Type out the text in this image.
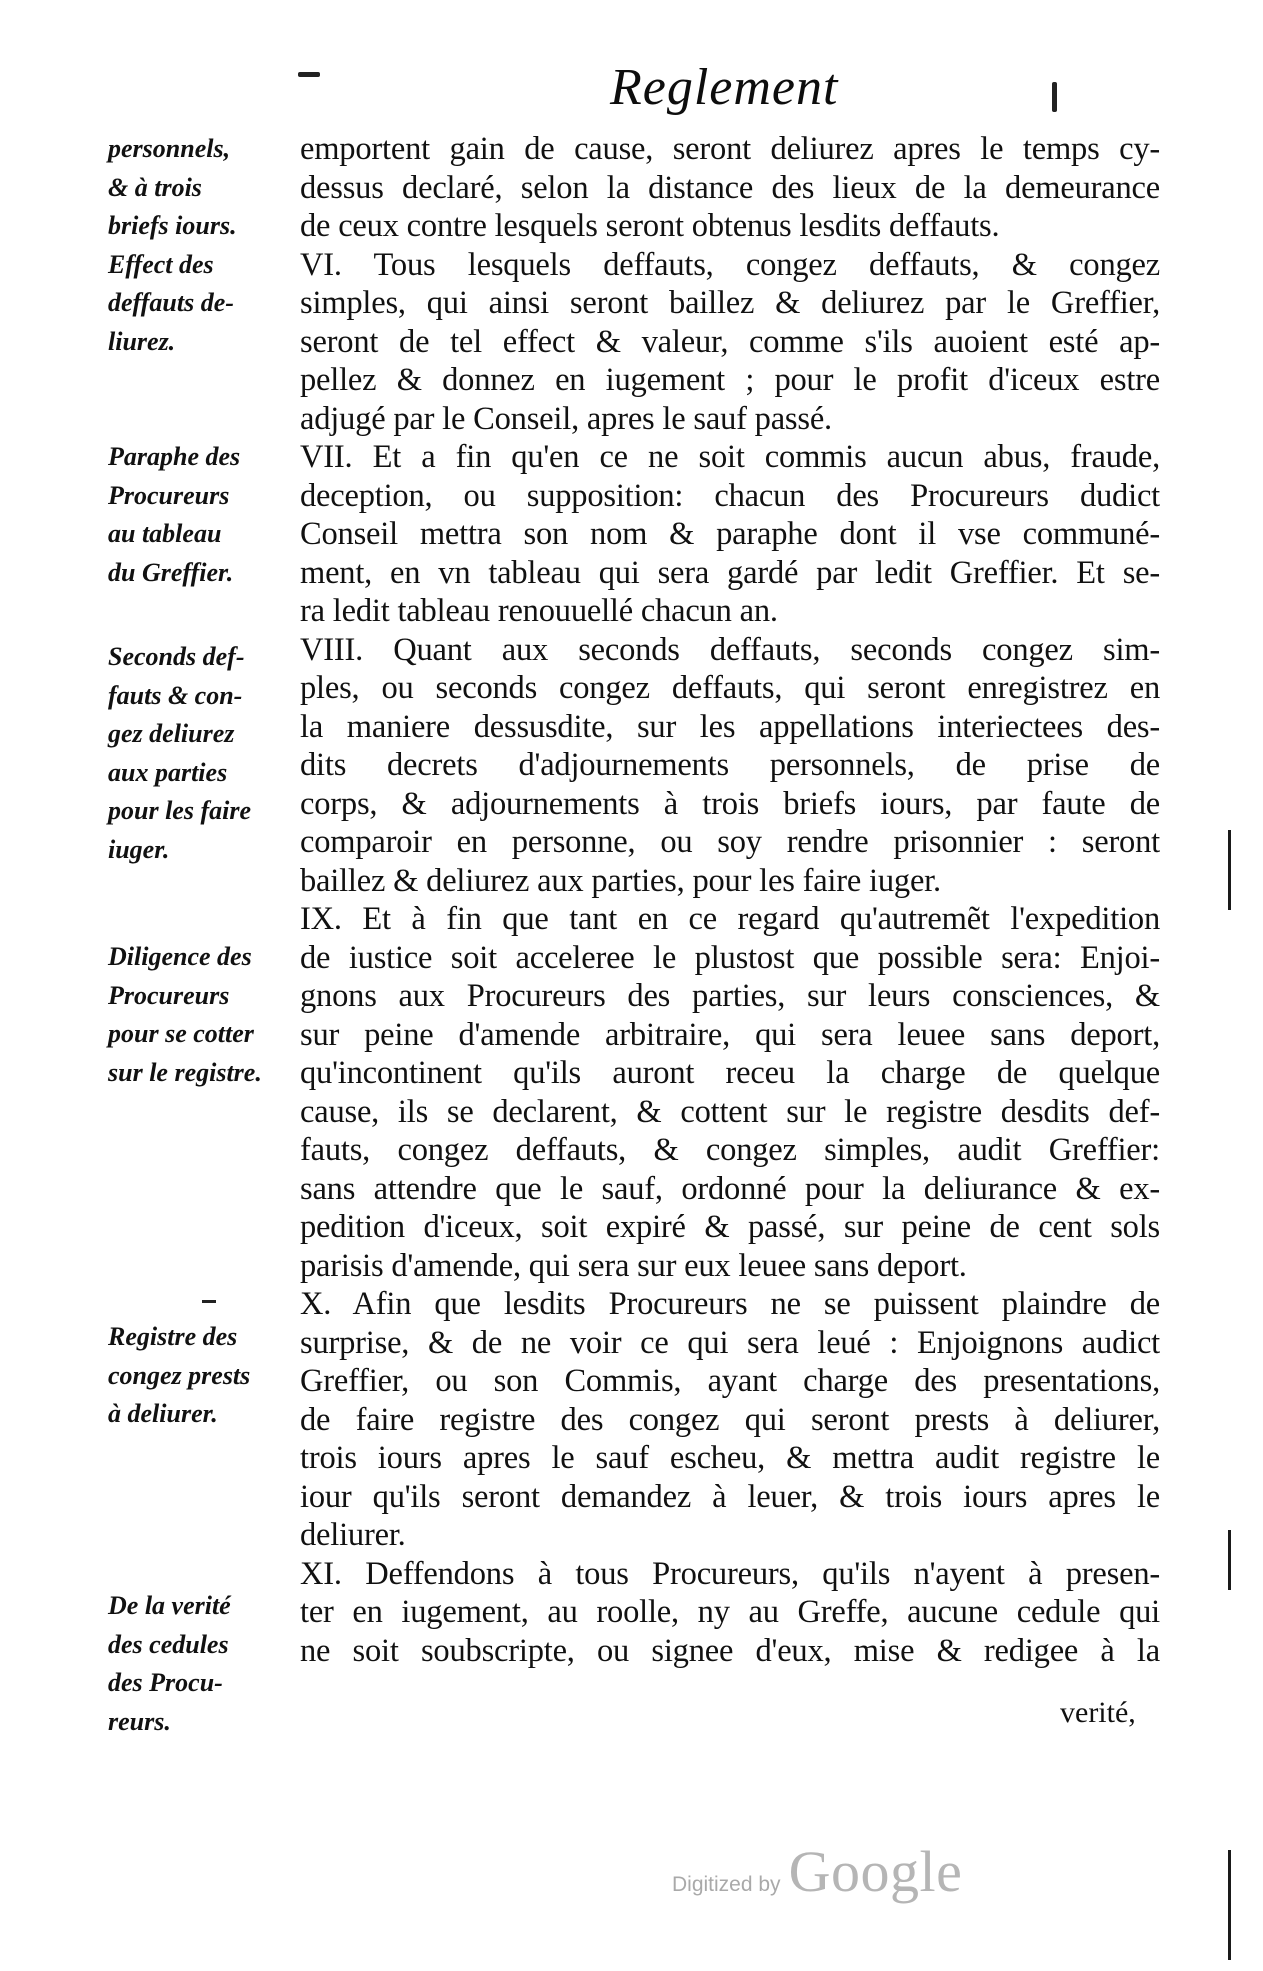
Reglement
personnels,
& à trois
briefs iours.
Effect des
deffauts de-
liurez.
Paraphe des
Procureurs
au tableau
du Greffier.
Seconds def-
fauts & con-
gez deliurez
aux parties
pour les faire
iuger.
Diligence des
Procureurs
pour se cotter
sur le registre.
Registre des
congez prests
à deliurer.
De la verité
des cedules
des Procu-
reurs.
emportent gain de cause, seront deliurez apres le temps cy-
dessus declaré, selon la distance des lieux de la demeurance
de ceux contre lesquels seront obtenus lesdits deffauts.
VI. Tous lesquels deffauts, congez deffauts, & congez
simples, qui ainsi seront baillez & deliurez par le Greffier,
seront de tel effect & valeur, comme s'ils auoient esté ap-
pellez & donnez en iugement ; pour le profit d'iceux estre
adjugé par le Conseil, apres le sauf passé.
VII. Et a fin qu'en ce ne soit commis aucun abus, fraude,
deception, ou supposition: chacun des Procureurs dudict
Conseil mettra son nom & paraphe dont il vse communé-
ment, en vn tableau qui sera gardé par ledit Greffier. Et se-
ra ledit tableau renouuellé chacun an.
VIII. Quant aux seconds deffauts, seconds congez sim-
ples, ou seconds congez deffauts, qui seront enregistrez en
la maniere dessusdite, sur les appellations interiectees des-
dits decrets d'adjournements personnels, de prise de
corps, & adjournements à trois briefs iours, par faute de
comparoir en personne, ou soy rendre prisonnier : seront
baillez & deliurez aux parties, pour les faire iuger.
IX. Et à fin que tant en ce regard qu'autremẽt l'expedition
de iustice soit acceleree le plustost que possible sera: Enjoi-
gnons aux Procureurs des parties, sur leurs consciences, &
sur peine d'amende arbitraire, qui sera leuee sans deport,
qu'incontinent qu'ils auront receu la charge de quelque
cause, ils se declarent, & cottent sur le registre desdits def-
fauts, congez deffauts, & congez simples, audit Greffier:
sans attendre que le sauf, ordonné pour la deliurance & ex-
pedition d'iceux, soit expiré & passé, sur peine de cent sols
parisis d'amende, qui sera sur eux leuee sans deport.
X. Afin que lesdits Procureurs ne se puissent plaindre de
surprise, & de ne voir ce qui sera leué : Enjoignons audict
Greffier, ou son Commis, ayant charge des presentations,
de faire registre des congez qui seront prests à deliurer,
trois iours apres le sauf escheu, & mettra audit registre le
iour qu'ils seront demandez à leuer, & trois iours apres le
deliurer.
XI. Deffendons à tous Procureurs, qu'ils n'ayent à presen-
ter en iugement, au roolle, ny au Greffe, aucune cedule qui
ne soit soubscripte, ou signee d'eux, mise & redigee à la
verité,
Digitized by Google
